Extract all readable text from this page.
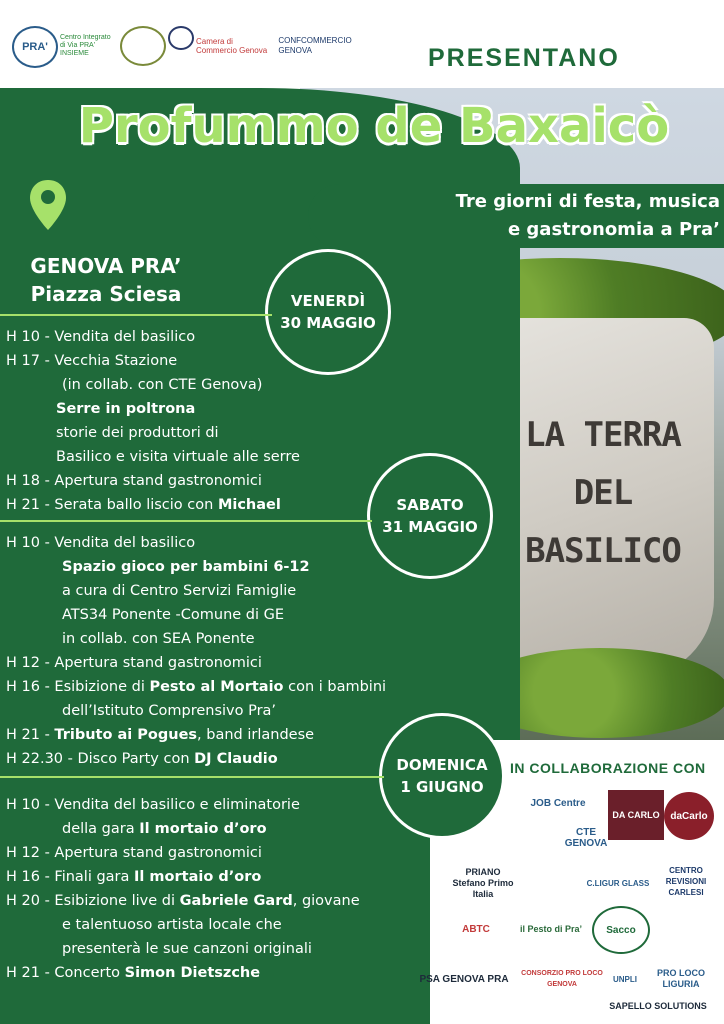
PRA'
Centro Integrato di Via PRA' INSIEME
Camera di Commercio Genova
CONFCOMMERCIO GENOVA	PRESENTANO
LA TERRA DEL
BASILICO
Profummo de Baxaicò
Tre giorni di festa, musica
e gastronomia a Pra’
GENOVA PRA’
Piazza Sciesa	VENERDÌ
30 MAGGIO
SABATO
31 MAGGIO
DOMENICA
1 GIUGNO
H 10 - Vendita del basilico
H 17 - Vecchia Stazione
(in collab. con CTE Genova)
Serre in poltrona
storie dei produttori di
Basilico e visita virtuale alle serre
H 18 - Apertura stand gastronomici
H 21 - Serata ballo liscio con Michael
H 10 - Vendita del basilico
Spazio gioco per bambini 6-12
a cura di Centro Servizi Famiglie
ATS34 Ponente -Comune di GE
in collab. con SEA Ponente
H 12 - Apertura stand gastronomici
H 16 - Esibizione di Pesto al Mortaio con i bambini
dell’Istituto Comprensivo Pra’
H 21 - Tributo ai Pogues, band irlandese
H 22.30 - Disco Party con DJ Claudio
H 10 - Vendita del basilico e eliminatorie
della gara Il mortaio d’oro
H 12 - Apertura stand gastronomici
H 16 - Finali gara Il mortaio d’oro
H 20 - Esibizione live di Gabriele Gard, giovane
e talentuoso artista locale che
presenterà le sue canzoni originali
H 21 - Concerto Simon Dietszche
IN COLLABORAZIONE CON
JOB Centre
CTE GENOVA
DA CARLO daCarlo
PRIANO Stefano Primo Italia
C.LIGUR GLASS
CENTRO REVISIONI CARLESI
ABTC	il Pesto di Pra’ Sacco
PSA GENOVA PRA	CONSORZIO PRO LOCO GENOVA
UNPLI
PRO LOCO LIGURIA
SAPELLO SOLUTIONS
